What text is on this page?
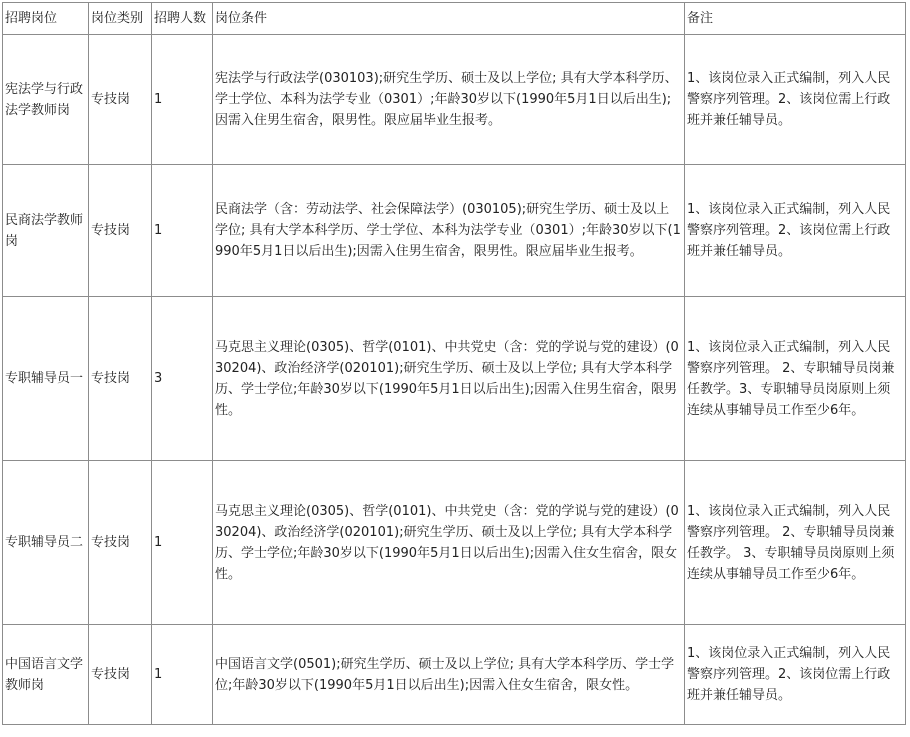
招聘岗位	岗位类别	招聘人数	岗位条件	备注
宪法学与行政法学教师岗	专技岗	1	宪法学与行政法学(030103);研究生学历、硕士及以上学位; 具有大学本科学历、学士学位、本科为法学专业（0301）;年龄30岁以下(1990年5月1日以后出生);因需入住男生宿舍，限男性。限应届毕业生报考。	1、该岗位录入正式编制，列入人民警察序列管理。2、该岗位需上行政班并兼任辅导员。
民商法学教师岗	专技岗	1	民商法学（含：劳动法学、社会保障法学）(030105);研究生学历、硕士及以上学位; 具有大学本科学历、学士学位、本科为法学专业（0301）;年龄30岁以下(1990年5月1日以后出生);因需入住男生宿舍，限男性。限应届毕业生报考。	1、该岗位录入正式编制，列入人民警察序列管理。2、该岗位需上行政班并兼任辅导员。
专职辅导员一	专技岗	3	马克思主义理论(0305)、哲学(0101)、中共党史（含：党的学说与党的建设）(030204)、政治经济学(020101);研究生学历、硕士及以上学位; 具有大学本科学历、学士学位;年龄30岁以下(1990年5月1日以后出生);因需入住男生宿舍，限男性。	1、该岗位录入正式编制，列入人民警察序列管理。 2、专职辅导员岗兼任教学。3、专职辅导员岗原则上须连续从事辅导员工作至少6年。
专职辅导员二	专技岗	1	马克思主义理论(0305)、哲学(0101)、中共党史（含：党的学说与党的建设）(030204)、政治经济学(020101);研究生学历、硕士及以上学位; 具有大学本科学历、学士学位;年龄30岁以下(1990年5月1日以后出生);因需入住女生宿舍，限女性。	1、该岗位录入正式编制，列入人民警察序列管理。 2、专职辅导员岗兼任教学。 3、专职辅导员岗原则上须连续从事辅导员工作至少6年。
中国语言文学教师岗	专技岗	1	中国语言文学(0501);研究生学历、硕士及以上学位; 具有大学本科学历、学士学位;年龄30岁以下(1990年5月1日以后出生);因需入住女生宿舍，限女性。	1、该岗位录入正式编制，列入人民警察序列管理。2、该岗位需上行政班并兼任辅导员。
